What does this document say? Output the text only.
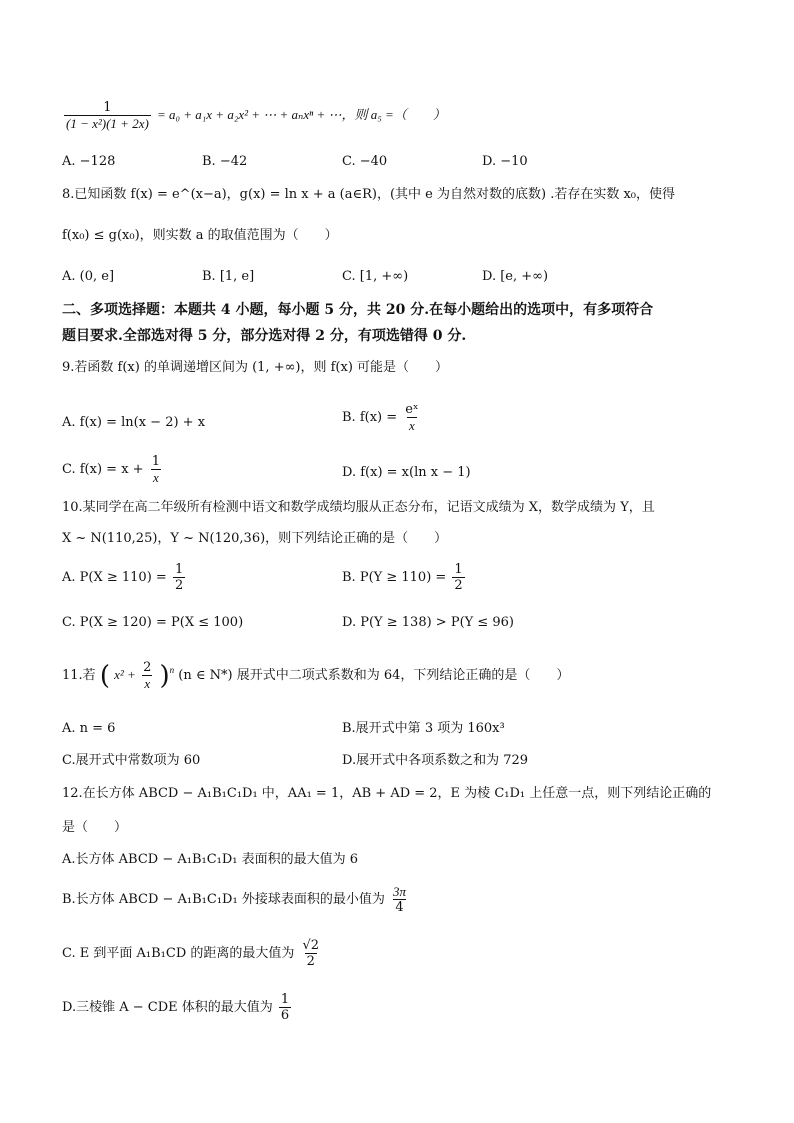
$\frac{1}{\text{(1 − x²)(1 + 2x)}} = a_0 + a_1x + a_2x^2$ + ⋯ + aₙxⁿ + ⋯，则 a₅ =（　　）
A. −128	B. −42	C. −40	D. −10
8.已知函数 f(x) = e^(x−a)，g(x) = ln x + a (a∈R)，(其中 e 为自然对数的底数) .若存在实数 x₀，使得
f(x₀) ≤ g(x₀)，则实数 a 的取值范围为（　　）
A. (0, e]	B. [1, e]	C. [1, +∞)	D. [e, +∞)
二、多项选择题：本题共 4 小题，每小题 5 分，共 20 分.在每小题给出的选项中，有多项符合
题目要求.全部选对得 5 分，部分选对得 2 分，有项选错得 0 分.
9.若函数 f(x) 的单调递增区间为 (1, +∞)，则 f(x) 可能是（　　）
A. f(x) = ln(x − 2) + x	B. $f(x) = \frac{\text{eˣ}}{x}$
C. $f(x) = x + \frac{1}{x}$	D. f(x) = x(ln x − 1)
10.某同学在高二年级所有检测中语文和数学成绩均服从正态分布，记语文成绩为 X，数学成绩为 Y，且
X ~ N(110,25)，Y ~ N(120,36)，则下列结论正确的是（　　）
A. $P(X \ge 110) = \frac{1}{2}$	B. $P(Y \ge 110) = \frac{1}{2}$
C. P(X ≥ 120) = P(X ≤ 100)	D. P(Y ≥ 138) > P(Y ≤ 96)
11.若 ( $x^2 + \frac{2}{x} )^n$ (n ∈ N*) 展开式中二项式系数和为 64，下列结论正确的是（　　）
A. n = 6	B.展开式中第 3 项为 160x³
C.展开式中常数项为 60	D.展开式中各项系数之和为 729
12.在长方体 ABCD − A₁B₁C₁D₁ 中，AA₁ = 1，AB + AD = 2，E 为棱 C₁D₁ 上任意一点，则下列结论正确的
是（　　）
A.长方体 ABCD − A₁B₁C₁D₁ 表面积的最大值为 6
B.长方体 ABCD − A₁B₁C₁D₁ 外接球表面积的最小值为 $\frac{3\pi}{4}$
C. E 到平面 A₁B₁CD 的距离的最大值为 $\frac{√2}{2}$
D.三棱锥 A − CDE 体积的最大值为 $\frac{1}{6}$
